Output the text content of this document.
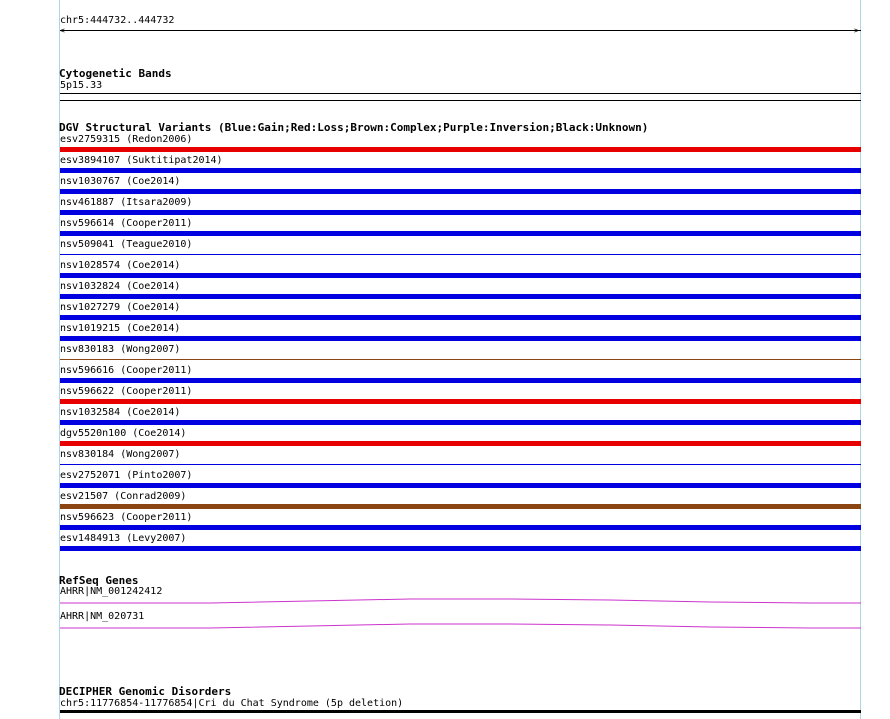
chr5:444732..444732
<	>
Cytogenetic Bands
5p15.33
DGV Structural Variants (Blue:Gain;Red:Loss;Brown:Complex;Purple:Inversion;Black:Unknown)
esv2759315 (Redon2006)
esv3894107 (Suktitipat2014)
nsv1030767 (Coe2014)
nsv461887 (Itsara2009)
nsv596614 (Cooper2011)
nsv509041 (Teague2010)
nsv1028574 (Coe2014)
nsv1032824 (Coe2014)
nsv1027279 (Coe2014)
nsv1019215 (Coe2014)
nsv830183 (Wong2007)
nsv596616 (Cooper2011)
nsv596622 (Cooper2011)
nsv1032584 (Coe2014)
dgv5520n100 (Coe2014)
nsv830184 (Wong2007)
esv2752071 (Pinto2007)
esv21507 (Conrad2009)
nsv596623 (Cooper2011)
esv1484913 (Levy2007)
RefSeq Genes
AHRR|NM_001242412
AHRR|NM_020731
DECIPHER Genomic Disorders
chr5:11776854-11776854|Cri du Chat Syndrome (5p deletion)
